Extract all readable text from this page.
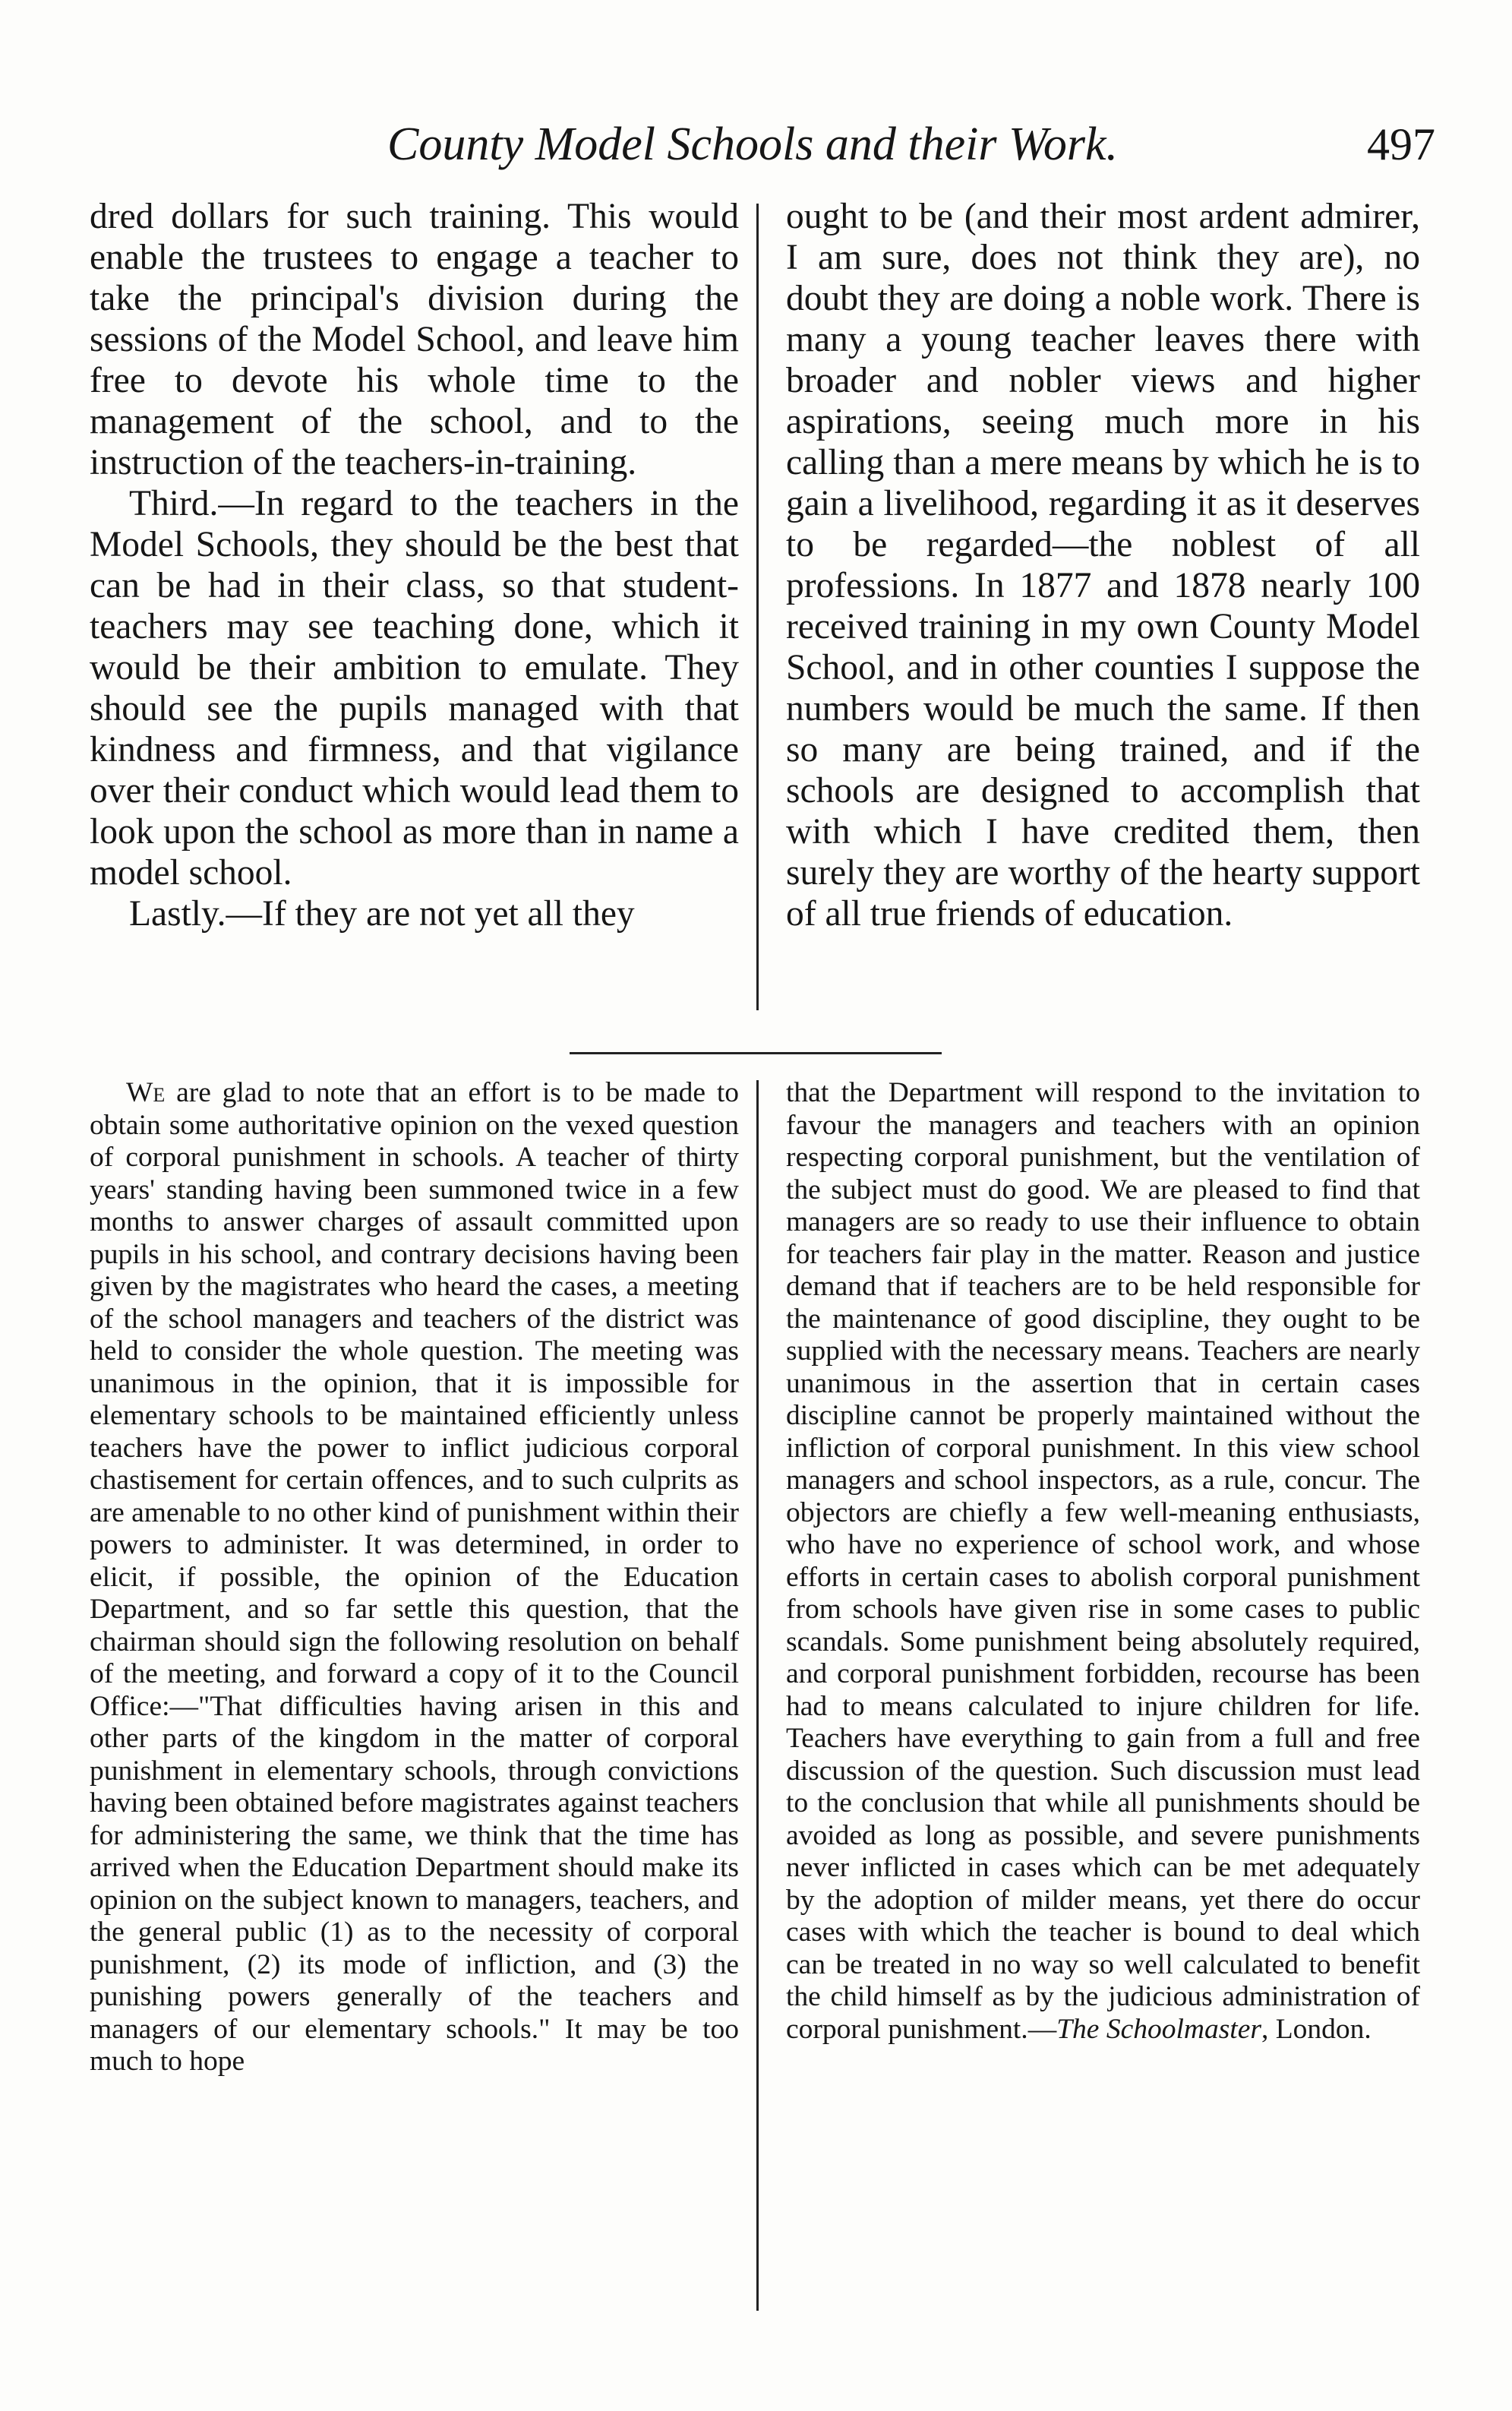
County Model Schools and their Work.	497

dred dollars for such training. This would enable the trustees to engage a teacher to take the principal's division during the sessions of the Model School, and leave him free to devote his whole time to the management of the school, and to the instruction of the teachers-in-training.

Third.—In regard to the teachers in the Model Schools, they should be the best that can be had in their class, so that student-teachers may see teaching done, which it would be their ambition to emulate. They should see the pupils managed with that kindness and firmness, and that vigilance over their conduct which would lead them to look upon the school as more than in name a model school.

Lastly.—If they are not yet all they

ought to be (and their most ardent admirer, I am sure, does not think they are), no doubt they are doing a noble work. There is many a young teacher leaves there with broader and nobler views and higher aspirations, seeing much more in his calling than a mere means by which he is to gain a livelihood, regarding it as it deserves to be regarded—the noblest of all professions. In 1877 and 1878 nearly 100 received training in my own County Model School, and in other counties I suppose the numbers would be much the same. If then so many are being trained, and if the schools are designed to accomplish that with which I have credited them, then surely they are worthy of the hearty support of all true friends of education.

We are glad to note that an effort is to be made to obtain some authoritative opinion on the vexed question of corporal punishment in schools. A teacher of thirty years' standing having been summoned twice in a few months to answer charges of assault committed upon pupils in his school, and contrary decisions having been given by the magistrates who heard the cases, a meeting of the school managers and teachers of the district was held to consider the whole question. The meeting was unanimous in the opinion, that it is impossible for elementary schools to be maintained efficiently unless teachers have the power to inflict judicious corporal chastisement for certain offences, and to such culprits as are amenable to no other kind of punishment within their powers to administer. It was determined, in order to elicit, if possible, the opinion of the Education Department, and so far settle this question, that the chairman should sign the following resolution on behalf of the meeting, and forward a copy of it to the Council Office:—"That difficulties having arisen in this and other parts of the kingdom in the matter of corporal punishment in elementary schools, through convictions having been obtained before magistrates against teachers for administering the same, we think that the time has arrived when the Education Department should make its opinion on the subject known to managers, teachers, and the general public (1) as to the necessity of corporal punishment, (2) its mode of infliction, and (3) the punishing powers generally of the teachers and managers of our elementary schools." It may be too much to hope

that the Department will respond to the invitation to favour the managers and teachers with an opinion respecting corporal punishment, but the ventilation of the subject must do good. We are pleased to find that managers are so ready to use their influence to obtain for teachers fair play in the matter. Reason and justice demand that if teachers are to be held responsible for the maintenance of good discipline, they ought to be supplied with the necessary means. Teachers are nearly unanimous in the assertion that in certain cases discipline cannot be properly maintained without the infliction of corporal punishment. In this view school managers and school inspectors, as a rule, concur. The objectors are chiefly a few well-meaning enthusiasts, who have no experience of school work, and whose efforts in certain cases to abolish corporal punishment from schools have given rise in some cases to public scandals. Some punishment being absolutely required, and corporal punishment forbidden, recourse has been had to means calculated to injure children for life. Teachers have everything to gain from a full and free discussion of the question. Such discussion must lead to the conclusion that while all punishments should be avoided as long as possible, and severe punishments never inflicted in cases which can be met adequately by the adoption of milder means, yet there do occur cases with which the teacher is bound to deal which can be treated in no way so well calculated to benefit the child himself as by the judicious administration of corporal punishment.—The Schoolmaster, London.
